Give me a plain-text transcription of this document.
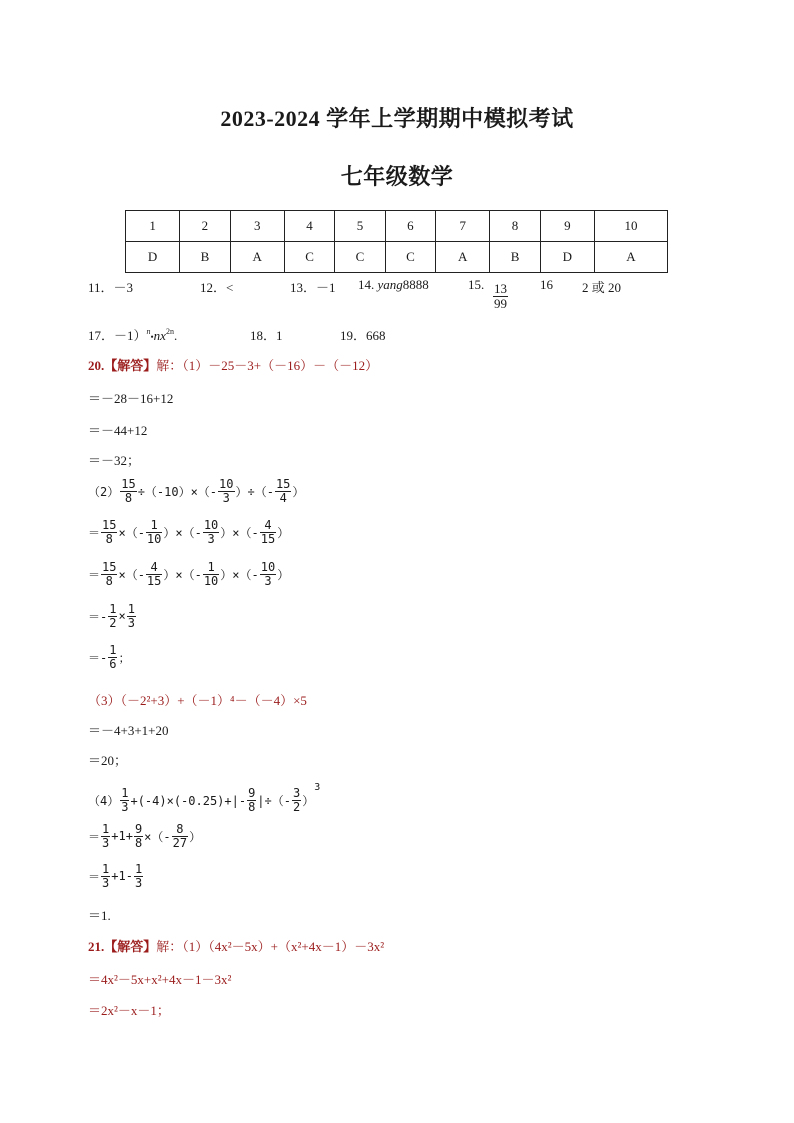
2023-2024 学年上学期期中模拟考试
七年级数学
1	2	3	4	5	6	7	8	9	10
D	B	A	C	C	C	A	B	D	A
11．－3	12．<	13．－1 14. yang8888	15. $\frac{13}{99} 16$ 2 或 20
17．$-1)^n•nx^{2n}$.	18．1	19．668
20.【解答】解：（1）－25－3+（－16）－（－12）
＝－28－16+12
＝－44+12
＝－32；
$(2) \frac{15}{8} \div(-10)\times(- \frac{10}{3}$ ）÷（- $\frac{15}{4}$ ）
＝ $\frac{15}{8}$ ×（- $\frac{1}{10}$ ）×（- $\frac{10}{3}$ ）×（- $\frac{4}{15}$ ）
＝ $\frac{15}{8}$ ×（- $\frac{4}{15}$ ）×（- $\frac{1}{10}$ ）×（- $\frac{10}{3}$ ）
＝- $\frac{1}{2} \times \frac{1}{3}$
＝- $\frac{1}{6}$ ；
（3）（－2²+3）+（－1）⁴－（－4）×5
＝－4+3+1+20
＝20；
$(4) \frac{1}{3} +(-4)\times(-0.25)+|- \frac{9}{8}$ |÷（- $\frac{3}{2} )3$
＝ $\frac{1}{3} +1+ \frac{9}{8}$ ×（- $\frac{8}{27}$ ）
＝ $\frac{1}{3} +1- \frac{1}{3}$
＝1.
21.【解答】解：（1）（4x²－5x）+（x²+4x－1）－3x²
＝4x²－5x+x²+4x－1－3x²
＝2x²－x－1；
